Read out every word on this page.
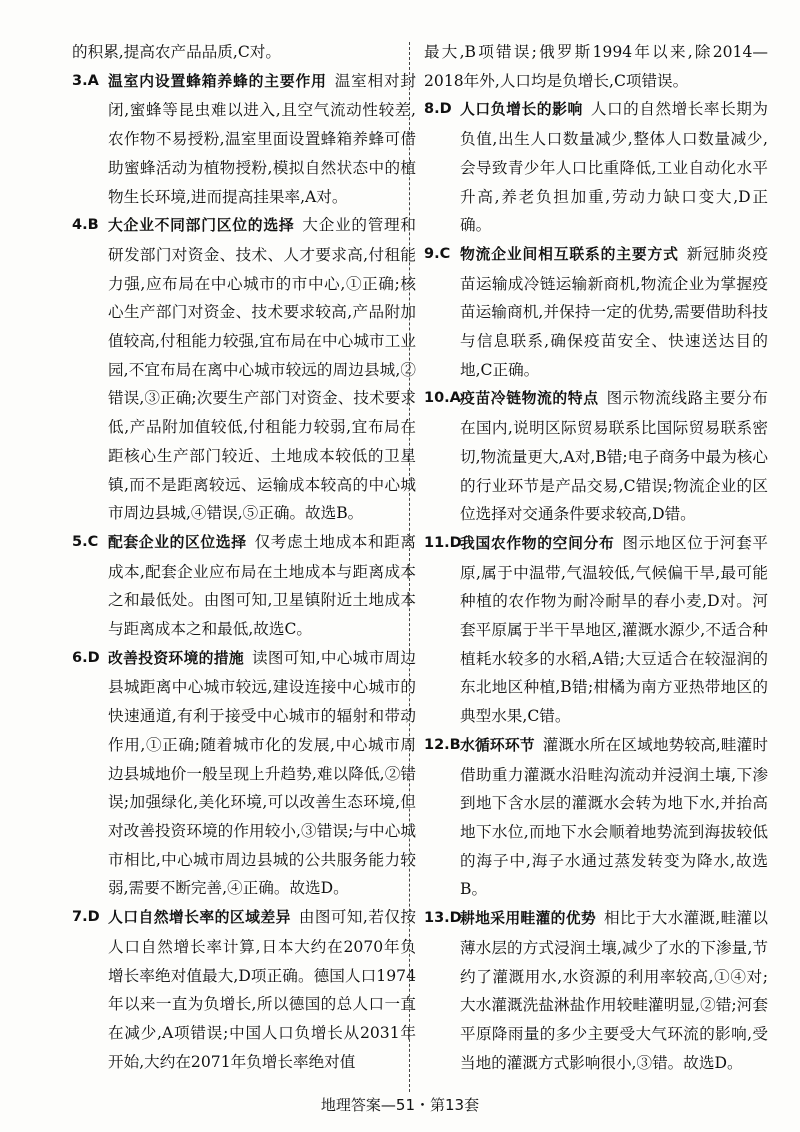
的积累,提高农产品品质,C对。

3.A 温室内设置蜂箱养蜂的主要作用 温室相对封闭,蜜蜂等昆虫难以进入,且空气流动性较差,农作物不易授粉,温室里面设置蜂箱养蜂可借助蜜蜂活动为植物授粉,模拟自然状态中的植物生长环境,进而提高挂果率,A对。
4.B 大企业不同部门区位的选择 大企业的管理和研发部门对资金、技术、人才要求高,付租能力强,应布局在中心城市的市中心,①正确;核心生产部门对资金、技术要求较高,产品附加值较高,付租能力较强,宜布局在中心城市工业园,不宜布局在离中心城市较远的周边县城,②错误,③正确;次要生产部门对资金、技术要求低,产品附加值较低,付租能力较弱,宜布局在距核心生产部门较近、土地成本较低的卫星镇,而不是距离较远、运输成本较高的中心城市周边县城,④错误,⑤正确。故选B。
5.C 配套企业的区位选择 仅考虑土地成本和距离成本,配套企业应布局在土地成本与距离成本之和最低处。由图可知,卫星镇附近土地成本与距离成本之和最低,故选C。
6.D 改善投资环境的措施 读图可知,中心城市周边县城距离中心城市较远,建设连接中心城市的快速通道,有利于接受中心城市的辐射和带动作用,①正确;随着城市化的发展,中心城市周边县城地价一般呈现上升趋势,难以降低,②错误;加强绿化,美化环境,可以改善生态环境,但对改善投资环境的作用较小,③错误;与中心城市相比,中心城市周边县城的公共服务能力较弱,需要不断完善,④正确。故选D。
7.D 人口自然增长率的区域差异 由图可知,若仅按人口自然增长率计算,日本大约在2070年负增长率绝对值最大,D项正确。德国人口1974年以来一直为负增长,所以德国的总人口一直在减少,A项错误;中国人口负增长从2031年开始,大约在2071年负增长率绝对值

最大,B项错误;俄罗斯1994年以来,除2014—2018年外,人口均是负增长,C项错误。

8.D 人口负增长的影响 人口的自然增长率长期为负值,出生人口数量减少,整体人口数量减少,会导致青少年人口比重降低,工业自动化水平升高,养老负担加重,劳动力缺口变大,D正确。
9.C 物流企业间相互联系的主要方式 新冠肺炎疫苗运输成冷链运输新商机,物流企业为掌握疫苗运输商机,并保持一定的优势,需要借助科技与信息联系,确保疫苗安全、快速送达目的地,C正确。
10.A 疫苗冷链物流的特点 图示物流线路主要分布在国内,说明区际贸易联系比国际贸易联系密切,物流量更大,A对,B错;电子商务中最为核心的行业环节是产品交易,C错误;物流企业的区位选择对交通条件要求较高,D错。
11.D
我国农作物的空间分布 图示地区位于河套平原,属于中温带,气温较低,气候偏干旱,最可能种植的农作物为耐冷耐旱的春小麦,D对。河套平原属于半干旱地区,灌溉水源少,不适合种植耗水较多的水稻,A错;大豆适合在较湿润的东北地区种植,B错;柑橘为南方亚热带地区的典型水果,C错。
12.B 水循环环节 灌溉水所在区域地势较高,畦灌时借助重力灌溉水沿畦沟流动并浸润土壤,下渗到地下含水层的灌溉水会转为地下水,并抬高地下水位,而地下水会顺着地势流到海拔较低的海子中,海子水通过蒸发转变为降水,故选B。
13.D
耕地采用畦灌的优势 相比于大水灌溉,畦灌以薄水层的方式浸润土壤,减少了水的下渗量,节约了灌溉用水,水资源的利用率较高,①④对;大水灌溉洗盐淋盐作用较畦灌明显,②错;河套平原降雨量的多少主要受大气环流的影响,受当地的灌溉方式影响很小,③错。故选D。
地理答案—51・第13套
